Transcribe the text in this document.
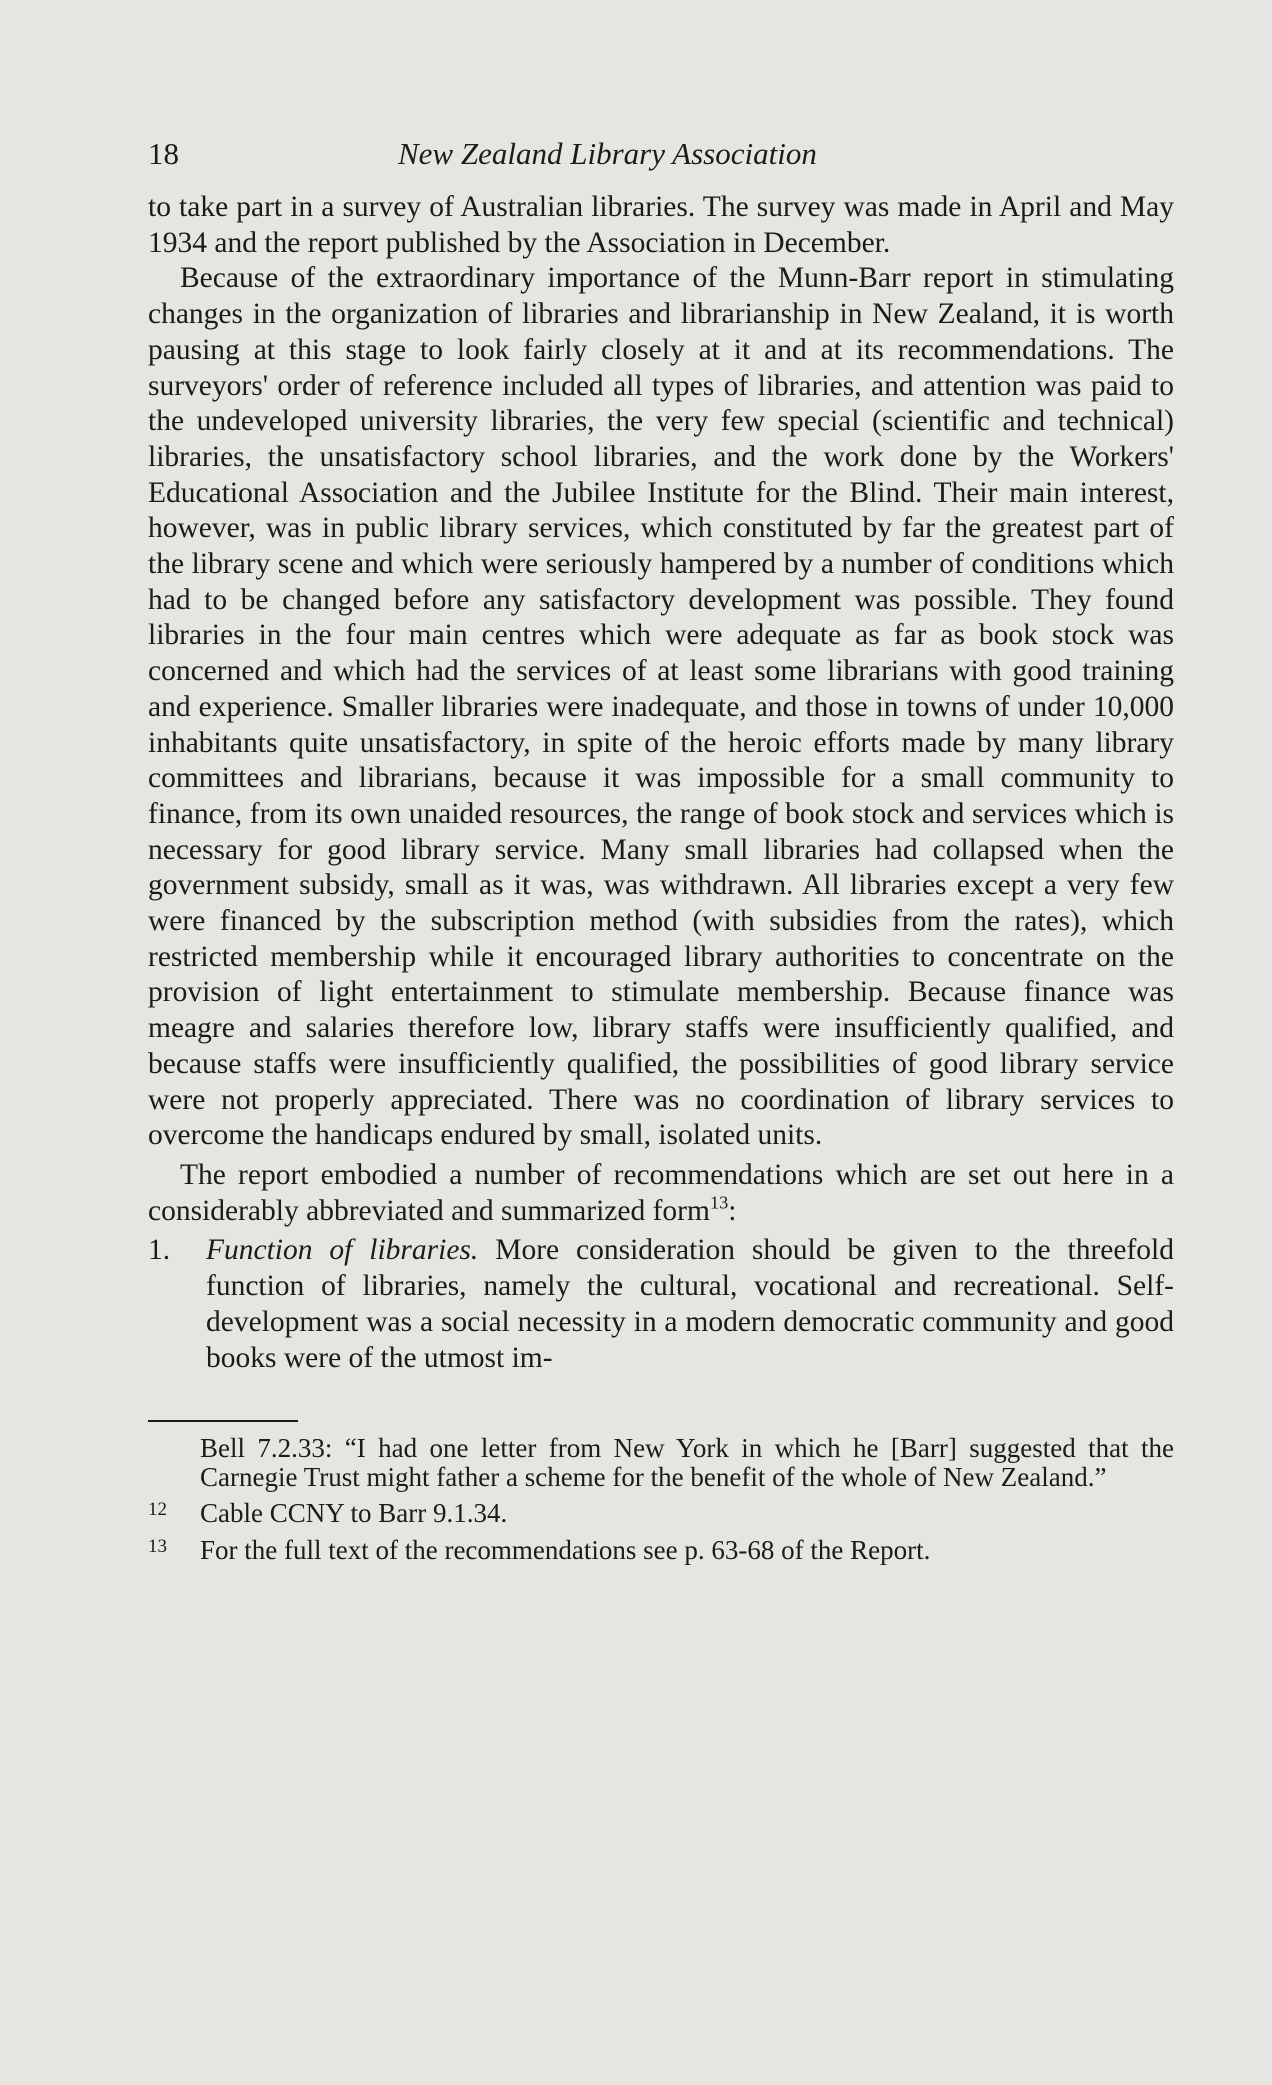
18	New Zealand Library Association

to take part in a survey of Australian libraries. The survey was made in April and May 1934 and the report published by the Association in December.

Because of the extraordinary importance of the Munn-Barr report in stimulating changes in the organization of libraries and librarianship in New Zealand, it is worth pausing at this stage to look fairly closely at it and at its recommendations. The surveyors' order of reference included all types of libraries, and attention was paid to the undeveloped university libraries, the very few special (scientific and technical) libraries, the unsatisfactory school libraries, and the work done by the Workers' Educational Association and the Jubilee Institute for the Blind. Their main interest, however, was in public library services, which constituted by far the greatest part of the library scene and which were seriously hampered by a number of conditions which had to be changed before any satisfactory development was possible. They found libraries in the four main centres which were adequate as far as book stock was concerned and which had the services of at least some librarians with good training and experience. Smaller libraries were inadequate, and those in towns of under 10,000 inhabitants quite unsatisfactory, in spite of the heroic efforts made by many library committees and librarians, because it was impossible for a small community to finance, from its own unaided resources, the range of book stock and services which is necessary for good library service. Many small libraries had collapsed when the government subsidy, small as it was, was withdrawn. All libraries except a very few were financed by the subscription method (with subsidies from the rates), which restricted membership while it encouraged library authorities to concentrate on the provision of light entertainment to stimulate membership. Because finance was meagre and salaries therefore low, library staffs were insufficiently qualified, and because staffs were insufficiently qualified, the possibilities of good library service were not properly appreciated. There was no coordination of library services to overcome the handicaps endured by small, isolated units.

The report embodied a number of recommendations which are set out here in a considerably abbreviated and summarized form$^{13}$:

1.	Function of libraries. More consideration should be given to the threefold function of libraries, namely the cultural, vocational and recreational. Self-development was a social necessity in a modern democratic community and good books were of the utmost im-
Bell 7.2.33: “I had one letter from New York in which he [Barr] suggested that the Carnegie Trust might father a scheme for the benefit of the whole of New Zealand.”
12	Cable CCNY to Barr 9.1.34.
13	For the full text of the recommendations see p. 63-68 of the Report.
